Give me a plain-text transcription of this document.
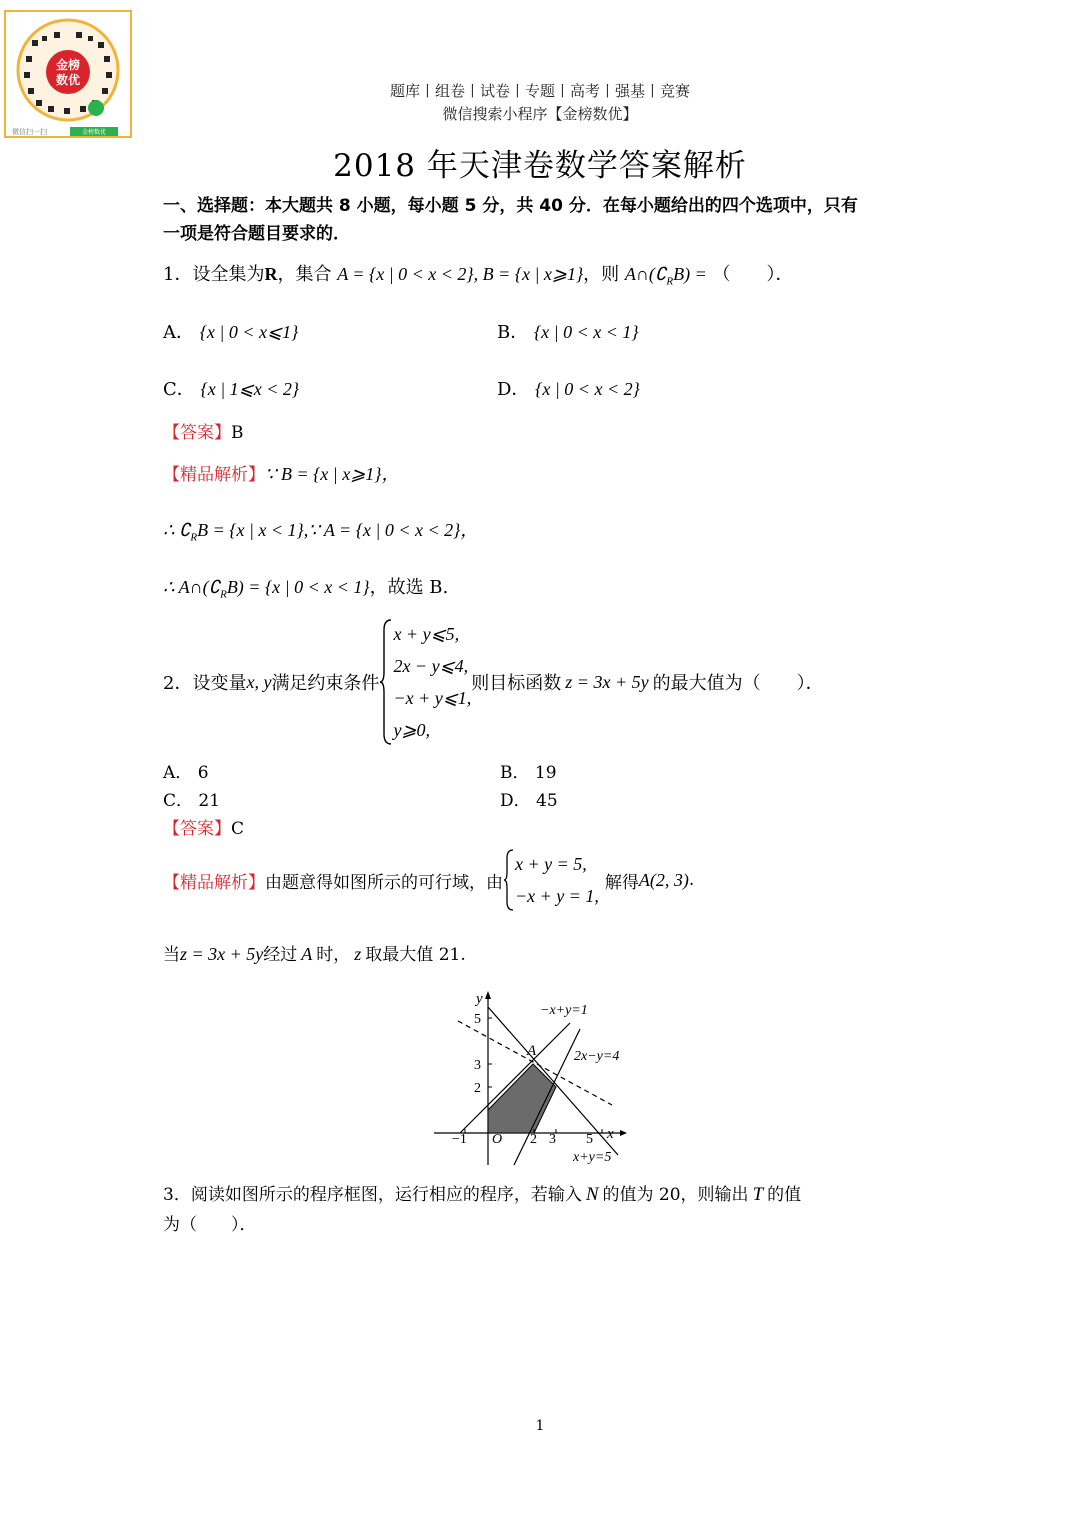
金榜
数优
微信扫一扫	金榜数优
题库丨组卷丨试卷丨专题丨高考丨强基丨竞赛
微信搜索小程序【金榜数优】
2018 年天津卷数学答案解析
一、选择题：本大题共 8 小题，每小题 5 分，共 40 分．在每小题给出的四个选项中，只有
一项是符合题目要求的．
1．设全集为R，集合 A = {x | 0 < x < 2}, B = {x | x⩾1}，则 $A\cap(∁_RB)$ = （　　）．
A． {x | 0 < x⩽1}	B． {x | 0 < x < 1}
C． {x | 1⩽x < 2}	D． {x | 0 < x < 2}
【答案】B
【精品解析】∵ B = {x | x⩾1}，
∴ $∁_RB = \{x$ | x < 1},∵ A = {x | 0 < x < 2}，
∴ $A\cap(∁_RB) = \{x$ | 0 < x < 1}，故选 B.
2．设变量 x, y 满足约束条件
x + y⩽5,
2x − y⩽4,
−x + y⩽1,
y⩾0,
则目标函数 z = 3x + 5y 的最大值为（　　）．
A． 6	B． 19
C． 21	D． 45
【答案】C
【精品解析】 由题意得如图所示的可行域，由
x + y = 5,
−x + y = 1,
解得 A(2, 3) .
当z = 3x + 5y经过 A 时， z 取最大值 21.
y
x
O
A
5
3
2
−1	2 3 5
−x+y=1
2x−y=4
x+y=5
3．阅读如图所示的程序框图，运行相应的程序，若输入 N 的值为 20，则输出 T 的值
为（　　）．
1
